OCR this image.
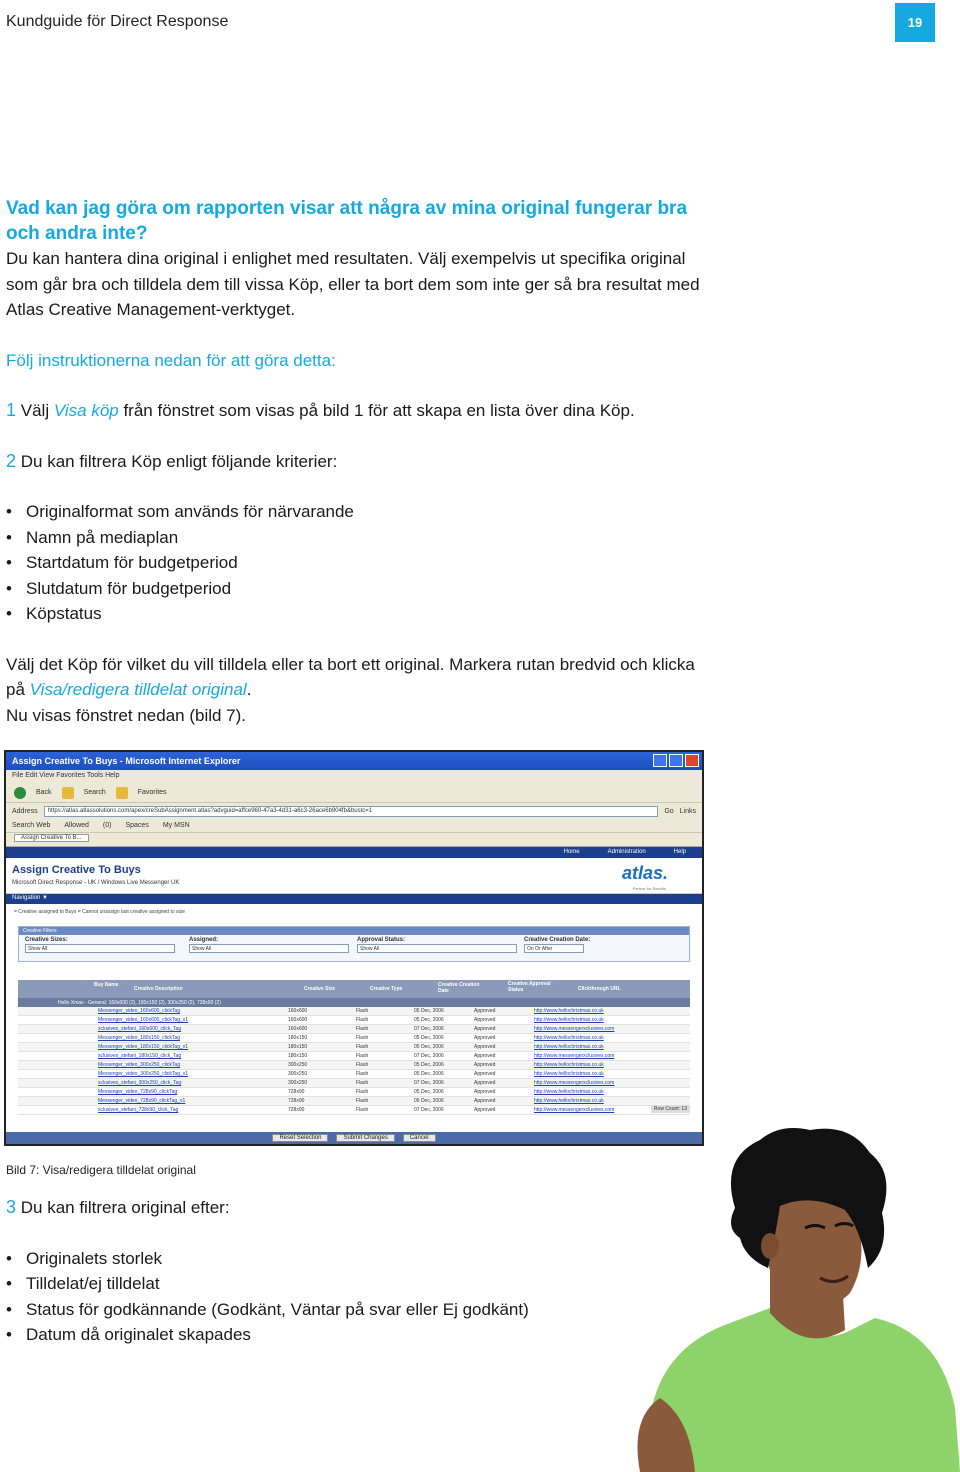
Kundguide för Direct Response	19
Vad kan jag göra om rapporten visar att några av mina original fungerar bra och andra inte?
Du kan hantera dina original i enlighet med resultaten. Välj exempelvis ut specifika original som går bra och tilldela dem till vissa Köp, eller ta bort dem som inte ger så bra resultat med Atlas Creative Management-verktyget.
Följ instruktionerna nedan för att göra detta:
1 Välj Visa köp från fönstret som visas på bild 1 för att skapa en lista över dina Köp.
2 Du kan filtrera Köp enligt följande kriterier:
• Originalformat som används för närvarande
• Namn på mediaplan
• Startdatum för budgetperiod
• Slutdatum för budgetperiod
• Köpstatus
Välj det Köp för vilket du vill tilldela eller ta bort ett original. Markera rutan bredvid och klicka på Visa/redigera tilldelat original.
Nu visas fönstret nedan (bild 7).
Assign Creative To Buys - Microsoft Internet Explorer
File Edit View Favorites Tools Help
Back	Search	Favorites
Address	https://atlas.atlassolutions.com/apex/creSubAssignment.atlas?advguid=affce960-47a3-4d31-a6c3-26ace6b904fb&bustc=1	Go Links
Search Web Allowed (0) Spaces My MSN
Assign Creative To B...
Home	Administration	Help
Assign Creative To Buys
Microsoft Direct Response - UK / Windows Live Messenger UK	atlas.
Partner for Results
Navigation ▼
= Creative assigned to Buys = Cannot unassign last creative assigned to size
Creative Filters
Creative Sizes:	Assigned:	Approval Status:	Creative Creation Date:
Show All	Show All	Show All	On Or After
Buy Name
Creative Description	Creative Size	Creative Type
Creative Creation Date
Creative Approval Status	Clickthrough URL
Hello Xmas - General: 160x600 (2), 180x150 (2), 300x250 (2), 728x90 (2)
Messenger_video_160x600_clickTag	160x600	Flash	05 Dec, 2006	Approved	http://www.hellochristmas.co.uk
Messenger_video_160x600_clickTag_v1	160x600	Flash	05 Dec, 2006	Approved	http://www.hellochristmas.co.uk
xclusives_stefani_160x600_click_Tag	160x600	Flash	07 Dec, 2006	Approved	http://www.messengerxclusives.com
Messenger_video_180x150_clickTag	180x150	Flash	05 Dec, 2006	Approved	http://www.hellochristmas.co.uk
Messenger_video_180x150_clickTag_v1	180x150	Flash	05 Dec, 2006	Approved	http://www.hellochristmas.co.uk
xclusives_stefani_180x150_click_Tag	180x150	Flash	07 Dec, 2006	Approved	http://www.messengerxclusives.com
Messenger_video_300x250_clickTag	300x250	Flash	05 Dec, 2006	Approved	http://www.hellochristmas.co.uk
Messenger_video_300x250_clickTag_v1	300x250	Flash	05 Dec, 2006	Approved	http://www.hellochristmas.co.uk
xclusives_stefani_300x250_click_Tag	300x250	Flash	07 Dec, 2006	Approved	http://www.messengerxclusives.com
Messenger_video_728x90_clickTag	728x90	Flash	05 Dec, 2006	Approved	http://www.hellochristmas.co.uk
Messenger_video_728x90_clickTag_v1	728x90	Flash	05 Dec, 2006	Approved	http://www.hellochristmas.co.uk
xclusives_stefani_728x90_click_Tag	728x90	Flash	07 Dec, 2006	Approved	http://www.messengerxclusives.com	Row Count: 13
Reset Selection	Submit Changes	Cancel
Bild 7: Visa/redigera tilldelat original
3 Du kan filtrera original efter:
• Originalets storlek
• Tilldelat/ej tilldelat
• Status för godkännande (Godkänt, Väntar på svar eller Ej godkänt)
• Datum då originalet skapades
